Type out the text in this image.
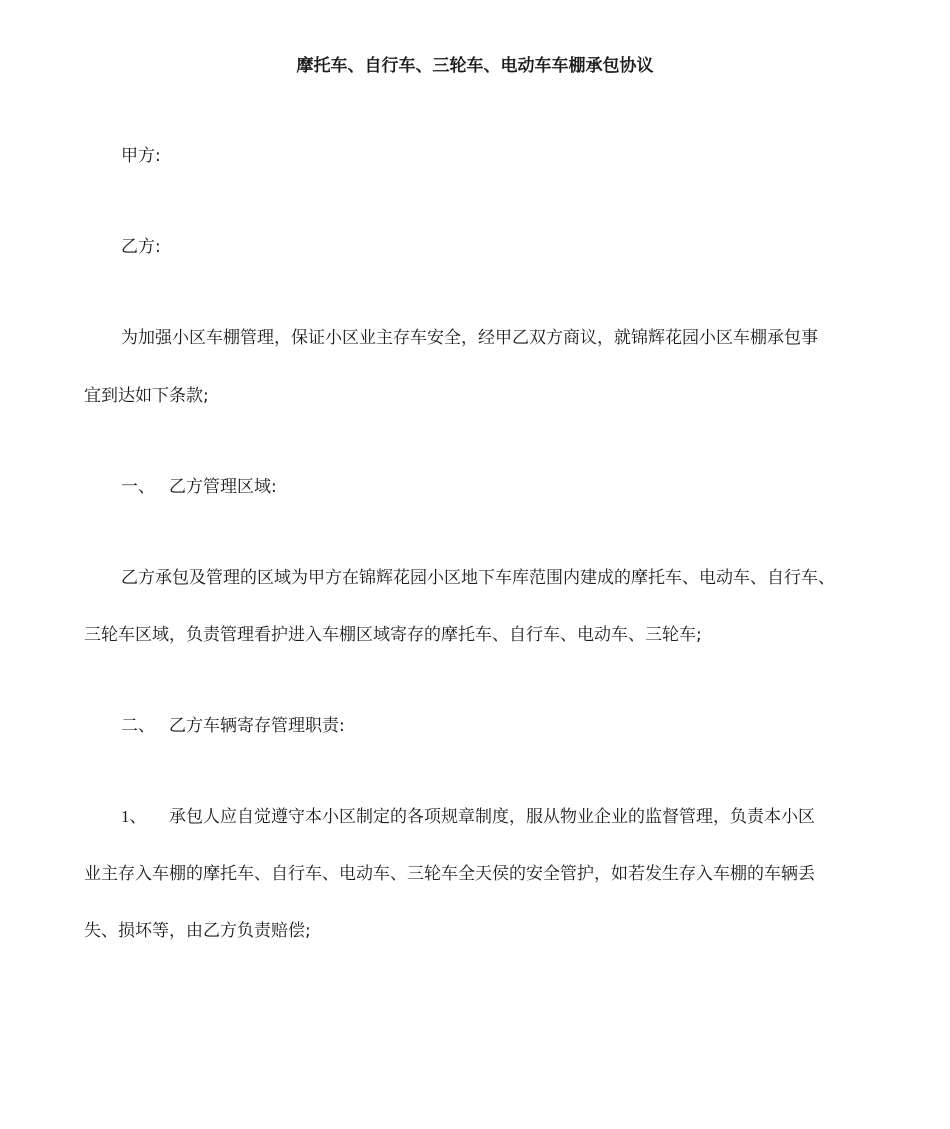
摩托车、自行车、三轮车、电动车车棚承包协议

甲方:

乙方:

为加强小区车棚管理，保证小区业主存车安全，经甲乙双方商议，就锦辉花园小区车棚承包事

宜到达如下条款;

一、 乙方管理区域:

乙方承包及管理的区域为甲方在锦辉花园小区地下车库范围内建成的摩托车、电动车、自行车、

三轮车区域，负责管理看护进入车棚区域寄存的摩托车、自行车、电动车、三轮车;

二、 乙方车辆寄存管理职责:

1、 承包人应自觉遵守本小区制定的各项规章制度，服从物业企业的监督管理，负责本小区

业主存入车棚的摩托车、自行车、电动车、三轮车全天侯的安全管护，如若发生存入车棚的车辆丢

失、损坏等，由乙方负责赔偿;
